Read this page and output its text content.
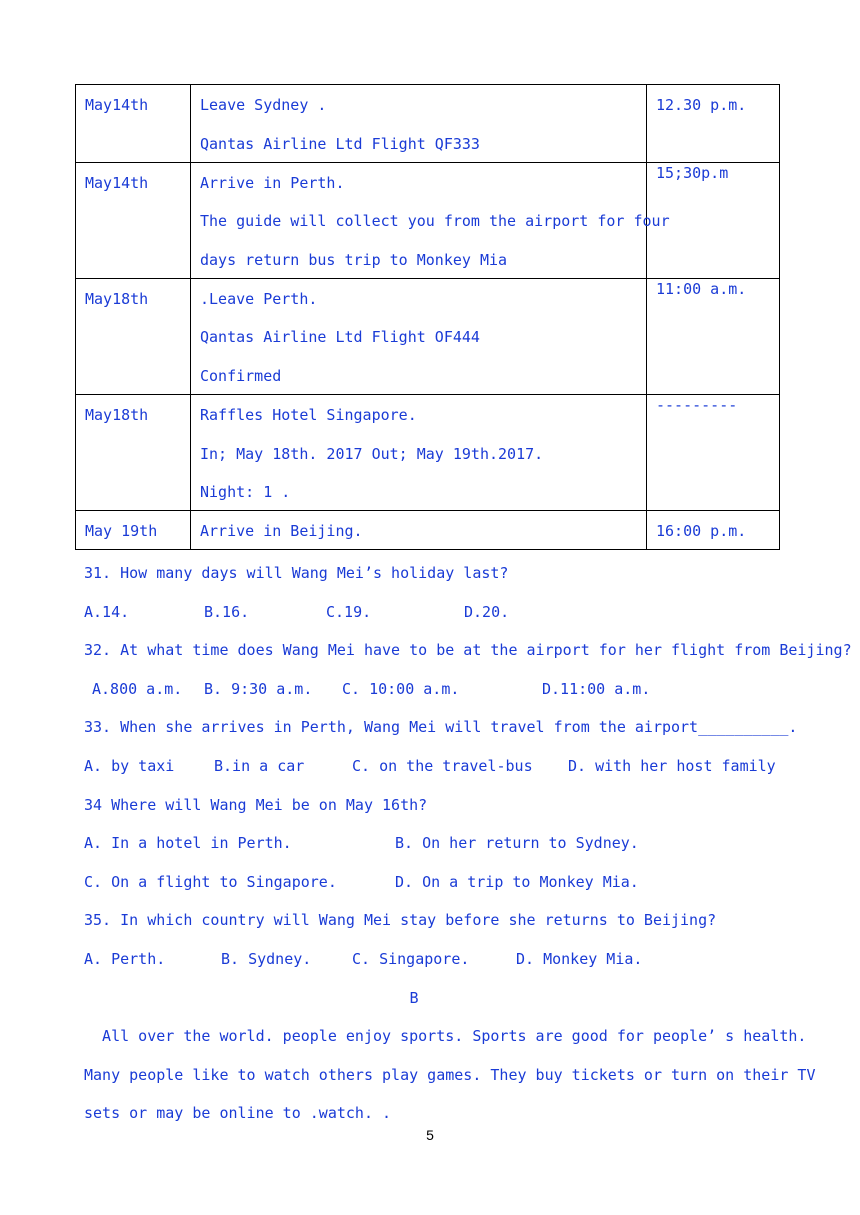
May14th	Leave Sydney .
Qantas Airline Ltd Flight QF333	12.30 p.m.

May14th	Arrive in Perth.
The guide will collect you from the airport for four
days return bus trip to Monkey Mia	15;30p.m

May18th	.Leave Perth.
Qantas Airline Ltd Flight OF444
Confirmed	11:00 a.m.

May18th	Raffles Hotel Singapore.
In; May 18th. 2017 Out; May 19th.2017.
Night: 1 .	---------

May 19th	Arrive in Beijing.	16:00 p.m.
31. How many days will Wang Mei’s holiday last?
A.14.	B.16.	C.19.	D.20.
32. At what time does Wang Mei have to be at the airport for her flight from Beijing?
A.800 a.m. B. 9:30 a.m. C. 10:00 a.m.	D.11:00 a.m.
33. When she arrives in Perth, Wang Mei will travel from the airport__________.
A. by taxi	B.in a car	C. on the travel-bus D. with her host family
34 Where will Wang Mei be on May 16th?
A. In a hotel in Perth.	B. On her return to Sydney.
C. On a flight to Singapore.	D. On a trip to Monkey Mia.
35. In which country will Wang Mei stay before she returns to Beijing?
A. Perth.	B. Sydney.	C. Singapore.	D. Monkey Mia.
B
All over the world. people enjoy sports. Sports are good for people’ s health.
Many people like to watch others play games. They buy tickets or turn on their TV
sets or may be online to .watch. .
5
